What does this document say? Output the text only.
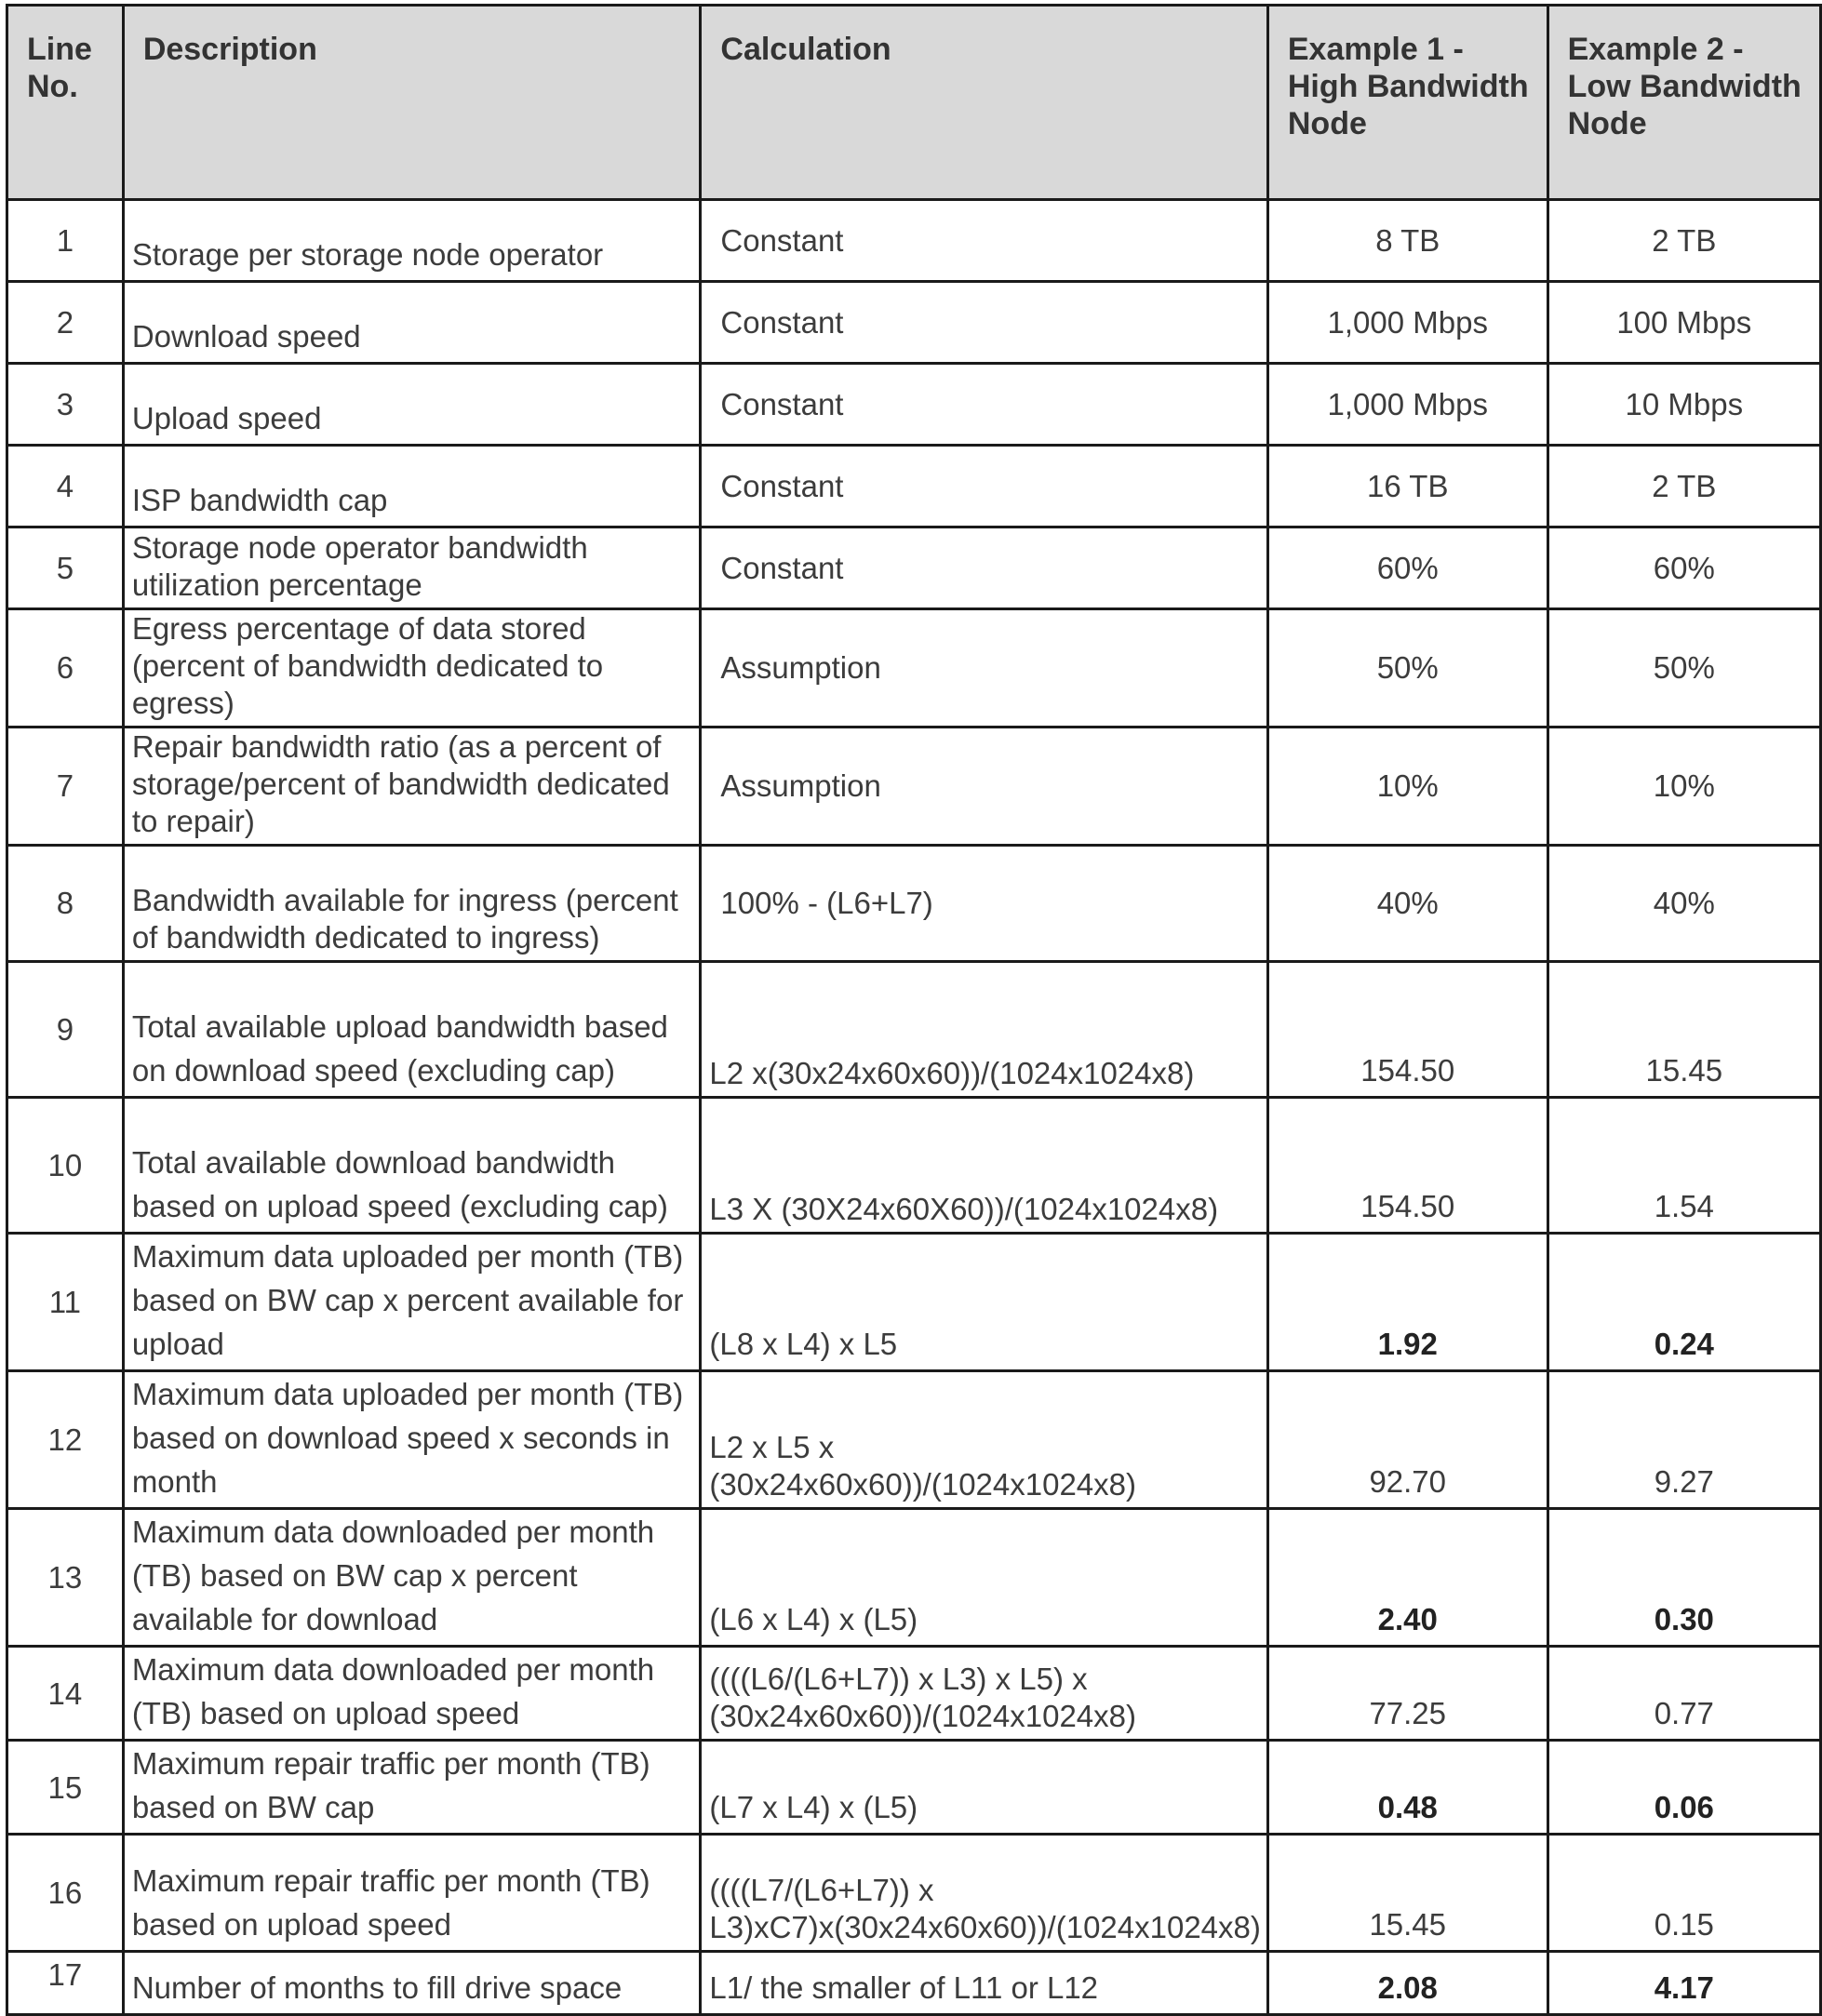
Line No.	Description	Calculation	Example 1 - High Bandwidth Node	Example 2 - Low Bandwidth Node
1	Storage per storage node operator	Constant	8 TB	2 TB
2	Download speed	Constant	1,000 Mbps	100 Mbps
3	Upload speed	Constant	1,000 Mbps	10 Mbps
4	ISP bandwidth cap	Constant	16 TB	2 TB
5	Storage node operator bandwidth utilization percentage	Constant	60%	60%
6	Egress percentage of data stored (percent of bandwidth dedicated to egress)	Assumption	50%	50%
7	Repair bandwidth ratio (as a percent of storage/percent of bandwidth dedicated to repair)	Assumption	10%	10%
8	Bandwidth available for ingress (percent of bandwidth dedicated to ingress)	100% - (L6+L7)	40%	40%
9	Total available upload bandwidth based on download speed (excluding cap)	L2 x(30x24x60x60))/(1024x1024x8)	154.50	15.45
10	Total available download bandwidth based on upload speed (excluding cap)	L3 X (30X24x60X60))/(1024x1024x8)	154.50	1.54
11	Maximum data uploaded per month (TB) based on BW cap x percent available for upload	(L8 x L4) x L5	1.92	0.24
12	Maximum data uploaded per month (TB) based on download speed x seconds in month	L2 x L5 x (30x24x60x60))/(1024x1024x8)	92.70	9.27
13	Maximum data downloaded per month (TB) based on BW cap x percent available for download	(L6 x L4) x (L5)	2.40	0.30
14	Maximum data downloaded per month (TB) based on upload speed	((((L6/(L6+L7)) x L3) x L5) x (30x24x60x60))/(1024x1024x8)	77.25	0.77
15	Maximum repair traffic per month (TB) based on BW cap	(L7 x L4) x (L5)	0.48	0.06
16	Maximum repair traffic per month (TB) based on upload speed	((((L7/(L6+L7)) x L3)xC7)x(30x24x60x60))/(1024x1024x8)	15.45	0.15
17	Number of months to fill drive space	L1/ the smaller of L11 or L12	2.08	4.17
